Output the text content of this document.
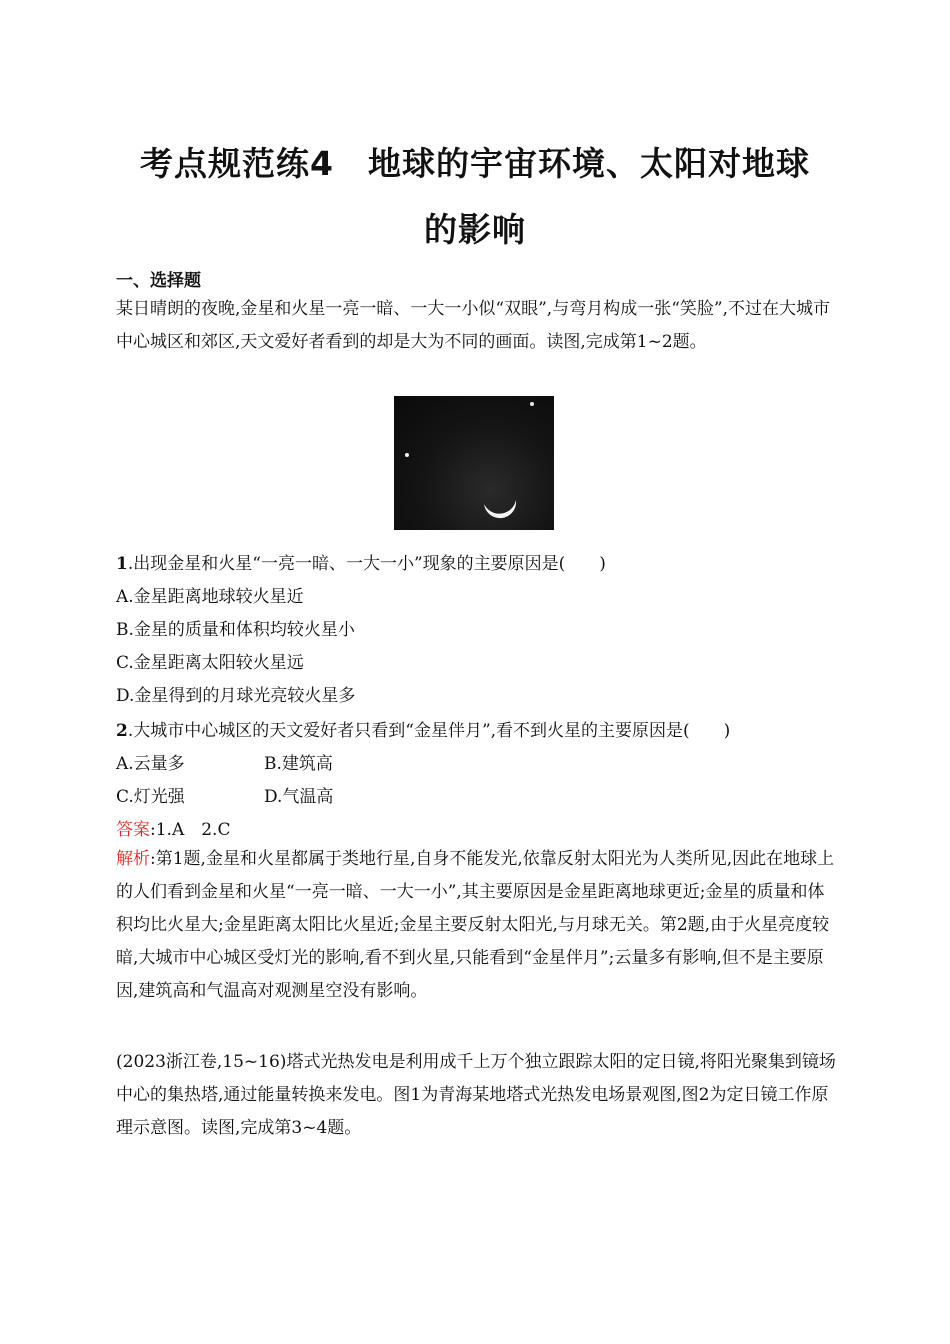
考点规范练4　地球的宇宙环境、太阳对地球
的影响
一、选择题
某日晴朗的夜晚,金星和火星一亮一暗、一大一小似“双眼”,与弯月构成一张“笑脸”,不过在大城市中心城区和郊区,天文爱好者看到的却是大为不同的画面。读图,完成第1~2题。
1.出现金星和火星“一亮一暗、一大一小”现象的主要原因是(　　)
A.金星距离地球较火星近
B.金星的质量和体积均较火星小
C.金星距离太阳较火星远
D.金星得到的月球光亮较火星多
2.大城市中心城区的天文爱好者只看到“金星伴月”,看不到火星的主要原因是(　　)
A.云量多	B.建筑高
C.灯光强	D.气温高
答案:1.A　2.C
解析:第1题,金星和火星都属于类地行星,自身不能发光,依靠反射太阳光为人类所见,因此在地球上的人们看到金星和火星“一亮一暗、一大一小”,其主要原因是金星距离地球更近;金星的质量和体积均比火星大;金星距离太阳比火星近;金星主要反射太阳光,与月球无关。第2题,由于火星亮度较暗,大城市中心城区受灯光的影响,看不到火星,只能看到“金星伴月”;云量多有影响,但不是主要原因,建筑高和气温高对观测星空没有影响。
(2023浙江卷,15~16)塔式光热发电是利用成千上万个独立跟踪太阳的定日镜,将阳光聚集到镜场中心的集热塔,通过能量转换来发电。图1为青海某地塔式光热发电场景观图,图2为定日镜工作原理示意图。读图,完成第3~4题。
